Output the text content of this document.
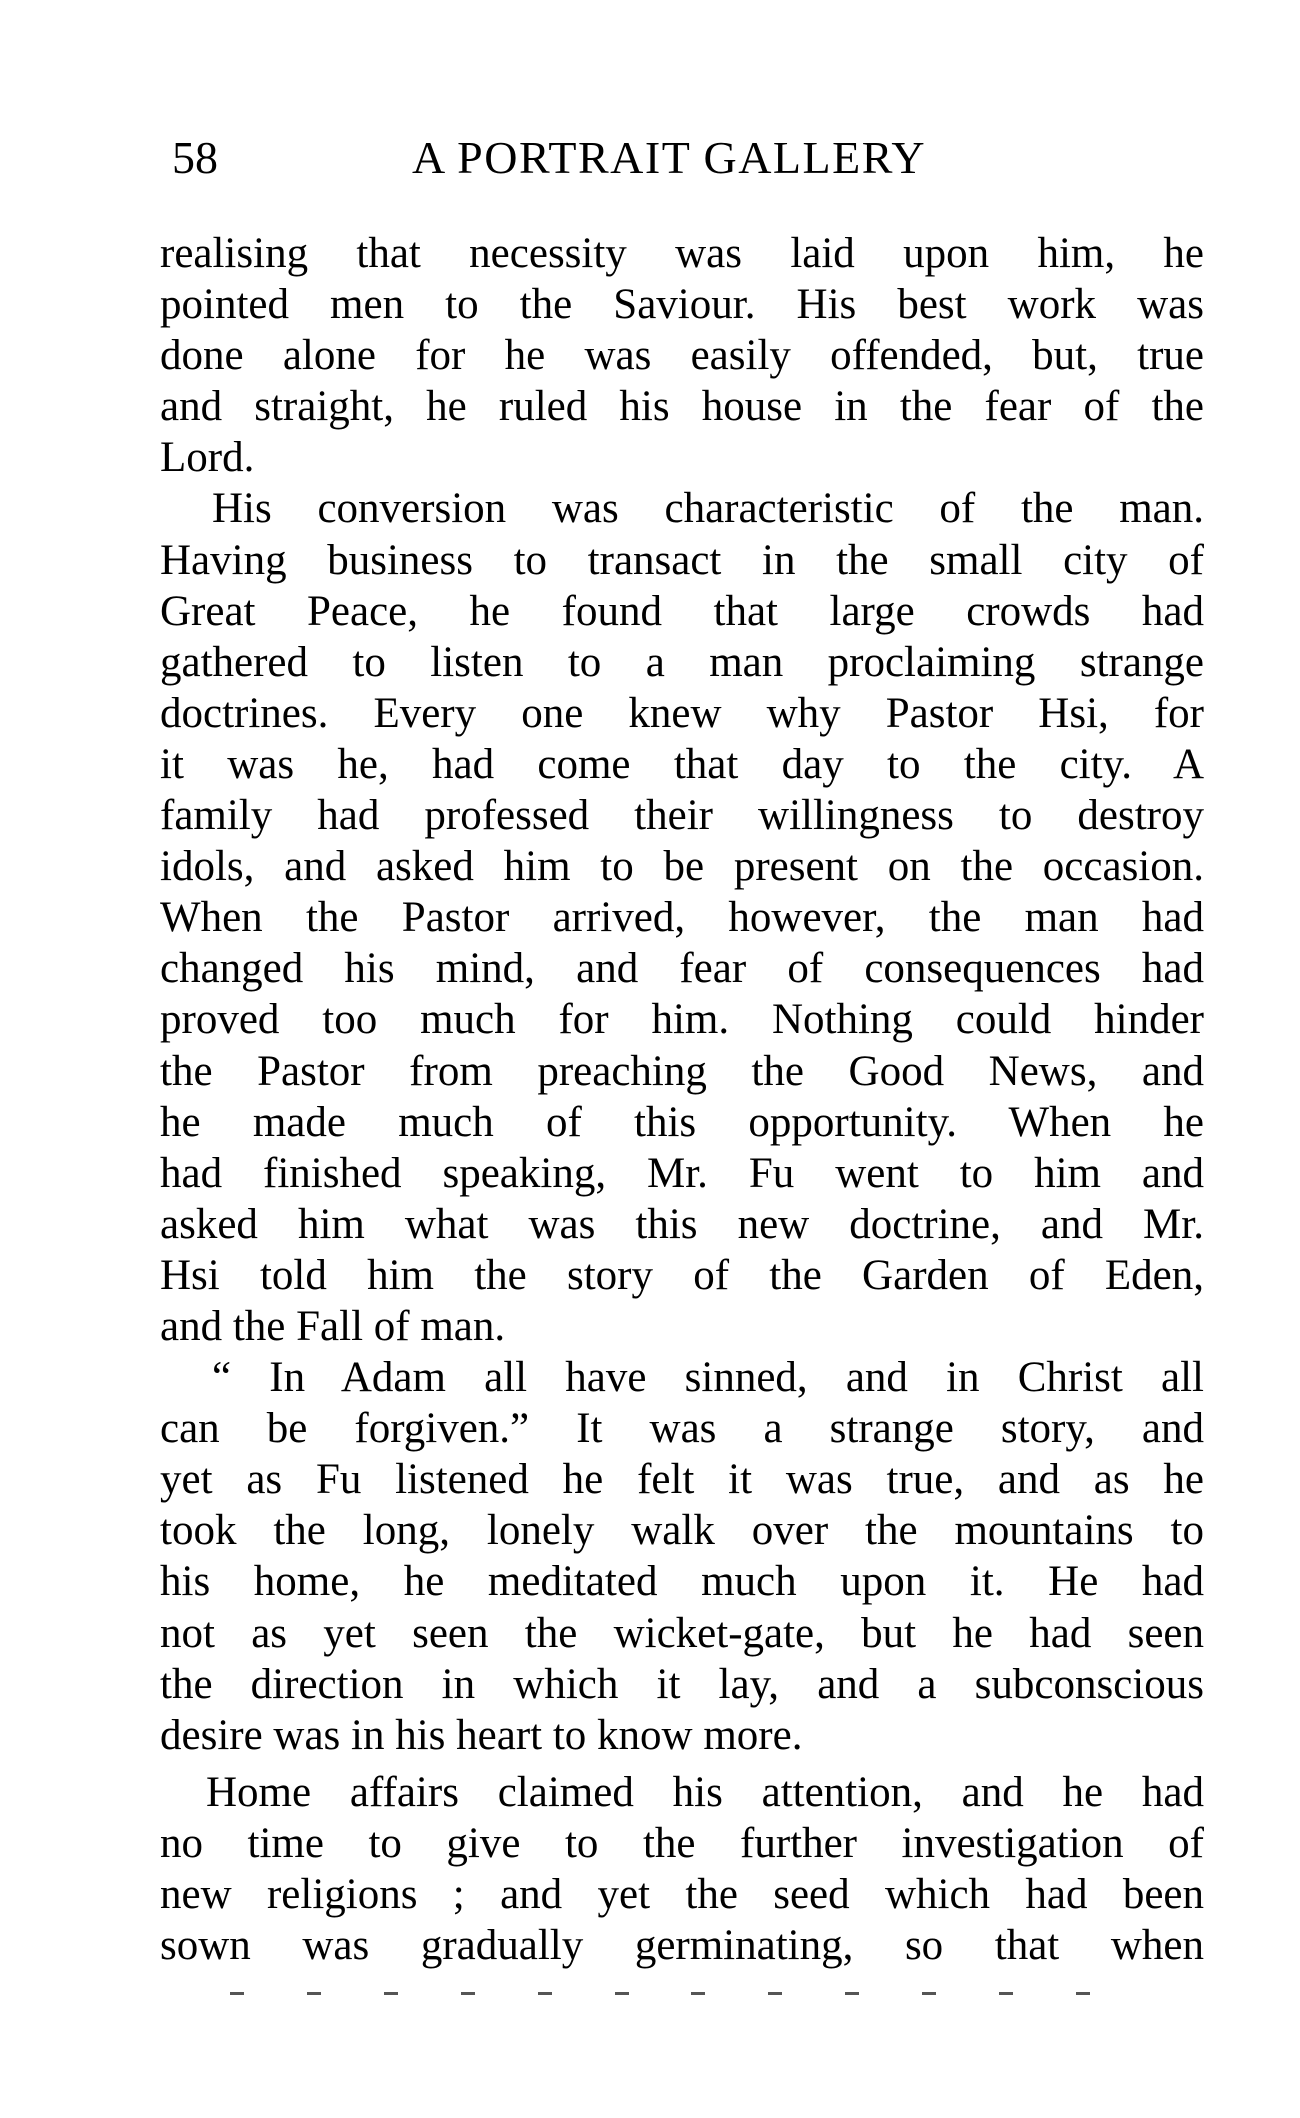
58	A PORTRAIT GALLERY
realising that necessity was laid upon him, he
pointed men to the Saviour. His best work was
done alone for he was easily offended, but, true
and straight, he ruled his house in the fear of the
Lord.
His conversion was characteristic of the man.
Having business to transact in the small city of
Great Peace, he found that large crowds had
gathered to listen to a man proclaiming strange
doctrines. Every one knew why Pastor Hsi, for
it was he, had come that day to the city. A
family had professed their willingness to destroy
idols, and asked him to be present on the occasion.
When the Pastor arrived, however, the man had
changed his mind, and fear of consequences had
proved too much for him. Nothing could hinder
the Pastor from preaching the Good News, and
he made much of this opportunity. When he
had finished speaking, Mr. Fu went to him and
asked him what was this new doctrine, and Mr.
Hsi told him the story of the Garden of Eden,
and the Fall of man.
“ In Adam all have sinned, and in Christ all
can be forgiven.” It was a strange story, and
yet as Fu listened he felt it was true, and as he
took the long, lonely walk over the mountains to
his home, he meditated much upon it. He had
not as yet seen the wicket-gate, but he had seen
the direction in which it lay, and a subconscious
desire was in his heart to know more.
Home affairs claimed his attention, and he had
no time to give to the further investigation of
new religions ; and yet the seed which had been
sown was gradually germinating, so that when
